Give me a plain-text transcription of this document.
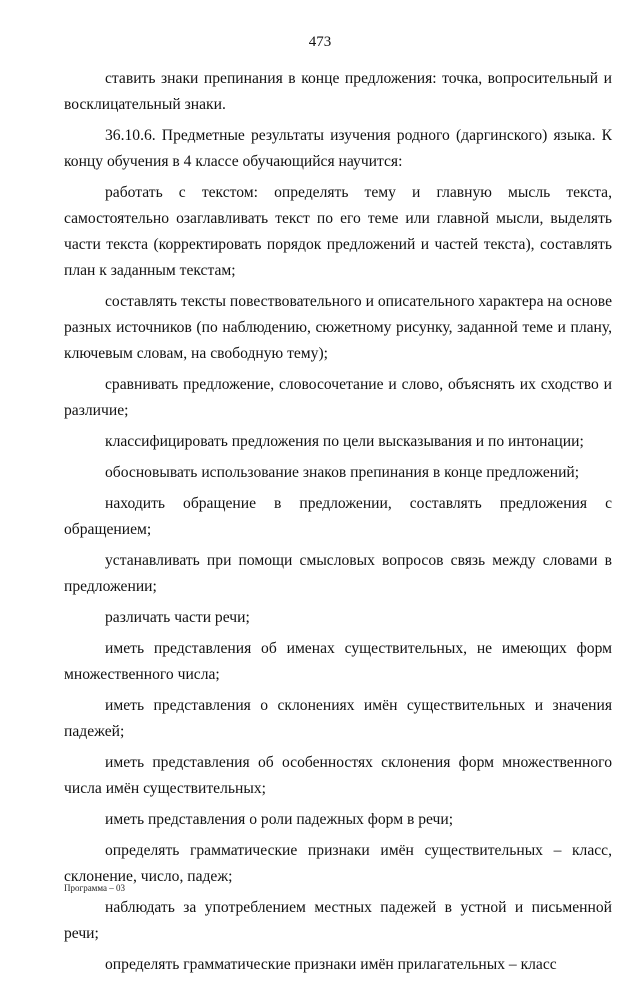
473

ставить знаки препинания в конце предложения: точка, вопросительный и восклицательный знаки.

36.10.6. Предметные результаты изучения родного (даргинского) языка. К концу обучения в 4 классе обучающийся научится:

работать с текстом: определять тему и главную мысль текста, самостоятельно озаглавливать текст по его теме или главной мысли, выделять части текста (корректировать порядок предложений и частей текста), составлять план к заданным текстам;

составлять тексты повествовательного и описательного характера на основе разных источников (по наблюдению, сюжетному рисунку, заданной теме и плану, ключевым словам, на свободную тему);

сравнивать предложение, словосочетание и слово, объяснять их сходство и различие;

классифицировать предложения по цели высказывания и по интонации;

обосновывать использование знаков препинания в конце предложений;

находить обращение в предложении, составлять предложения с обращением;

устанавливать при помощи смысловых вопросов связь между словами в предложении;

различать части речи;

иметь представления об именах существительных, не имеющих форм множественного числа;

иметь представления о склонениях имён существительных и значения падежей;

иметь представления об особенностях склонения форм множественного числа имён существительных;

иметь представления о роли падежных форм в речи;

определять грамматические признаки имён существительных – класс, склонение, число, падеж;

наблюдать за употреблением местных падежей в устной и письменной речи;

определять грамматические признаки имён прилагательных – класс

Программа – 03
